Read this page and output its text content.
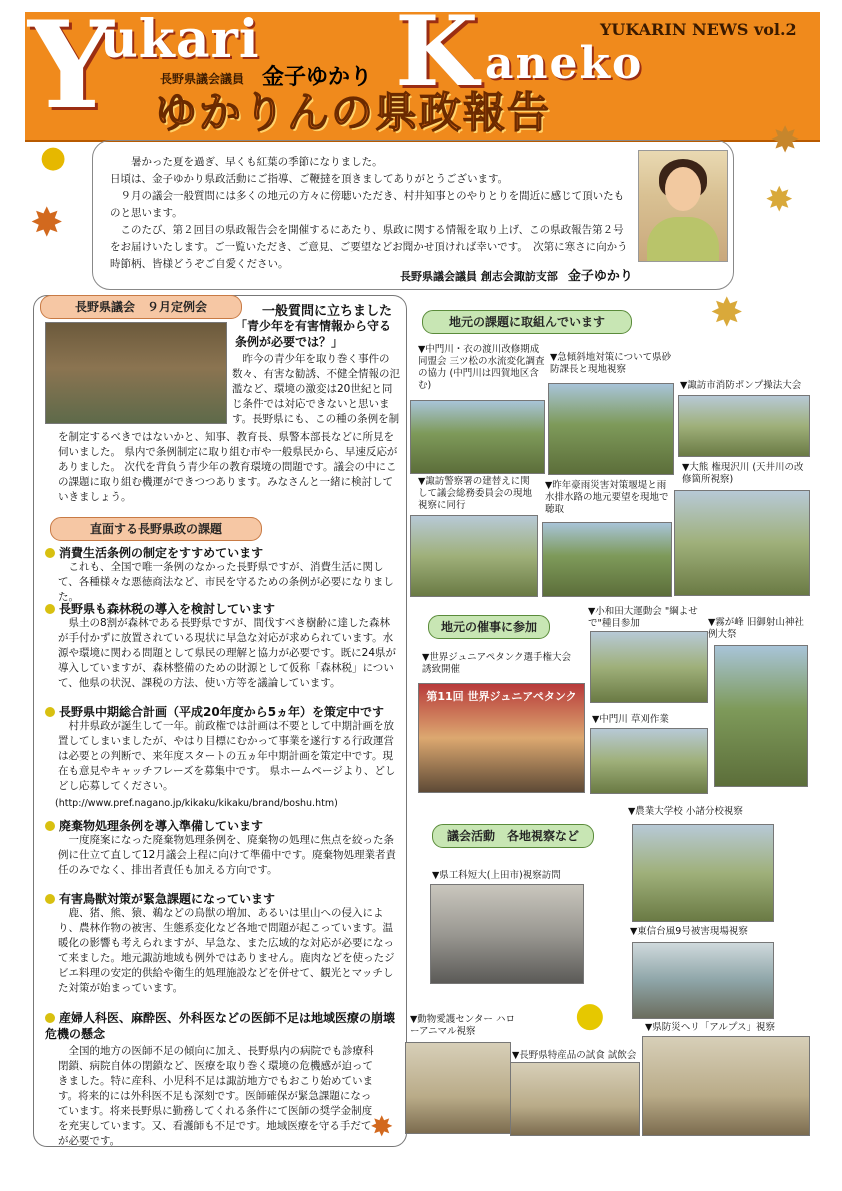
Y
ukari K aneko
YUKARIN NEWS vol.2
長野県議会議員 金子ゆかり
ゆかりんの県政報告
●
✸
✸
✸
✸
●
✸

暑かった夏を過ぎ、早くも紅葉の季節になりました。

日頃は、金子ゆかり県政活動にご指導、ご鞭撻を頂きましてありがとうございます。

９月の議会一般質問には多くの地元の方々に傍聴いただき、村井知事とのやりとりを間近に感じて頂いたものと思います。

このたび、第２回目の県政報告会を開催するにあたり、県政に関する情報を取り上げ、この県政報告第２号をお届けいたします。ご一覧いただき、ご意見、ご要望などお聞かせ頂ければ幸いです。　次第に寒さに向かう時節柄、皆様どうぞご自愛ください。

長野県議会議員 創志会諏訪支部 金子ゆかり
長野県議会　９月定例会	一般質問に立ちました
「青少年を有害情報から守る条例が必要では？」
昨今の青少年を取り巻く事件の数々、有害な勧誘、不健全情報の氾濫など、環境の激変は20世紀と同じ条件では対応できないと思います。長野県にも、この種の条例を制
を制定するべきではないかと、知事、教育長、県警本部長などに所見を伺いました。 県内で条例制定に取り組む市や一般県民から、早速反応がありました。 次代を背負う青少年の教育環境の問題です。議会の中にこの課題に取り組む機運ができつつあります。みなさんと一緒に検討していきましょう。
直面する長野県政の課題
消費生活条例の制定をすすめています
これも、全国で唯一条例のなかった長野県ですが、消費生活に関して、各種様々な悪徳商法など、市民を守るための条例が必要になりました。
長野県も森林税の導入を検討しています
県土の8割が森林である長野県ですが、間伐すべき樹齢に達した森林が手付かずに放置されている現状に早急な対応が求められています。水源や環境に関わる問題として県民の理解と協力が必要です。既に24県が導入していますが、森林整備のための財源として仮称「森林税」について、他県の状況、課税の方法、使い方等を議論しています。
長野県中期総合計画（平成20年度から5ヵ年）を策定中です
村井県政が誕生して一年。前政権では計画は不要として中期計画を放置してしまいましたが、やはり目標にむかって事業を遂行する行政運営は必要との判断で、来年度スタートの五ヵ年中期計画を策定中です。現在も意見やキャッチフレーズを募集中です。 県ホームページより、どしどし応募してください。
(http://www.pref.nagano.jp/kikaku/kikaku/brand/boshu.htm)
廃棄物処理条例を導入準備しています
一度廃案になった廃棄物処理条例を、廃棄物の処理に焦点を絞った条例に仕立て直して12月議会上程に向けて準備中です。廃棄物処理業者責任のみでなく、排出者責任も加える方向です。
有害鳥獣対策が緊急課題になっています
鹿、猪、熊、猿、鵜などの鳥獣の増加、あるいは里山への侵入により、農林作物の被害、生態系変化など各地で問題が起こっています。温暖化の影響も考えられますが、早急な、また広域的な対応が必要になって来ました。地元諏訪地域も例外ではありません。鹿肉などを使ったジビエ料理の安定的供給や衛生的処理施設などを併せて、観光とマッチした対策が始まっています。
産婦人科医、麻酔医、外科医などの医師不足は地域医療の崩壊危機の懸念
全国的地方の医師不足の傾向に加え、長野県内の病院でも診療科閉鎖、病院自体の閉鎖など、医療を取り巻く環境の危機感が迫ってきました。特に産科、小児科不足は諏訪地方でもおこり始めています。将来的には外科医不足も深刻です。医師確保が緊急課題になっています。将来長野県に勤務してくれる条件にて医師の奨学金制度を充実しています。又、看護師も不足です。地域医療を守る手だてが必要です。
地元の課題に取組んでいます
▼中門川・衣の渡川改修期成同盟会 三ツ松の水流変化調査の協力 (中門川は四賀地区含む)
▼急傾斜地対策について県砂防課長と現地視察
▼諏訪市消防ポンプ操法大会
▼諏訪警察署の建替えに関して議会総務委員会の現地視察に同行
▼昨年豪雨災害対策堰堤と雨水排水路の地元要望を現地で聴取
▼大熊 権現沢川 (天井川の改修箇所視察)
地元の催事に参加
▼世界ジュニアペタンク選手権大会 誘致開催
第11回 世界ジュニアペタンク
▼小和田大運動会 "綱よせで"種目参加	▼霧が峰 旧御射山神社例大祭
▼中門川 草刈作業
議会活動　各地視察など
▼農業大学校 小諸分校視察
▼県工科短大(上田市)視察訪問
▼東信台風9号被害現場視察
▼動物愛護センター ハローアニマル視察
▼長野県特産品の試食 試飲会
▼県防災ヘリ「アルプス」視察
